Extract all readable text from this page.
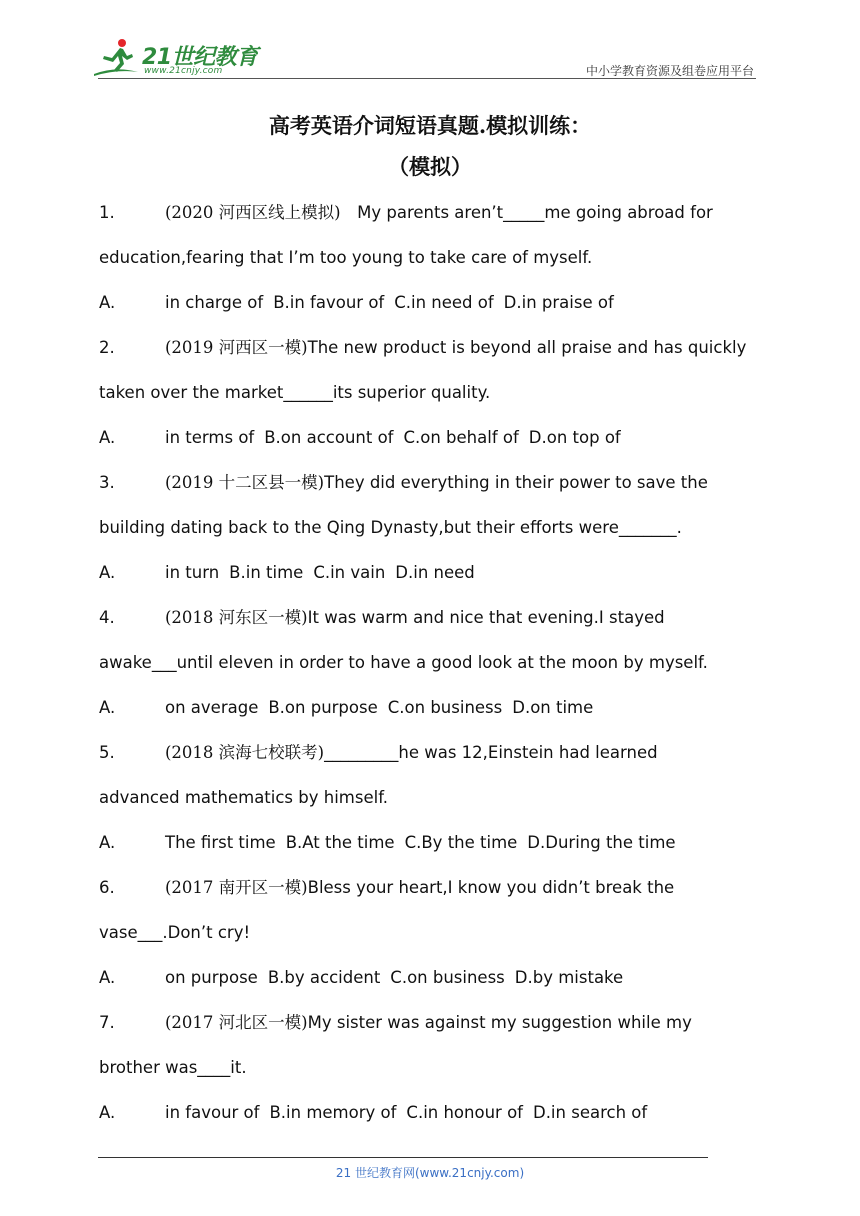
21世纪教育
www.21cnjy.com	中小学教育资源及组卷应用平台
高考英语介词短语真题.模拟训练：
（模拟）
1.	(2020 河西区线上模拟)　My parents aren’t_____me going abroad for
education,fearing that I’m too young to take care of myself.
A.	in charge of B.in favour of C.in need of D.in praise of
2.	(2019 河西区一模)The new product is beyond all praise and has quickly
taken over the market______its superior quality.
A.	in terms of B.on account of C.on behalf of D.on top of
3.	(2019 十二区县一模)They did everything in their power to save the
building dating back to the Qing Dynasty,but their efforts were_______.
A.	in turn B.in time C.in vain D.in need
4.	(2018 河东区一模)It was warm and nice that evening.I stayed
awake___until eleven in order to have a good look at the moon by myself.
A.	on average B.on purpose C.on business D.on time
5.	(2018 滨海七校联考)_________he was 12,Einstein had learned
advanced mathematics by himself.
A.	The first time B.At the time C.By the time D.During the time
6.	(2017 南开区一模)Bless your heart,I know you didn’t break the
vase___.Don’t cry!
A.	on purpose B.by accident C.on business D.by mistake
7.	(2017 河北区一模)My sister was against my suggestion while my
brother was____it.
A.	in favour of B.in memory of C.in honour of D.in search of
21 世纪教育网(www.21cnjy.com)
